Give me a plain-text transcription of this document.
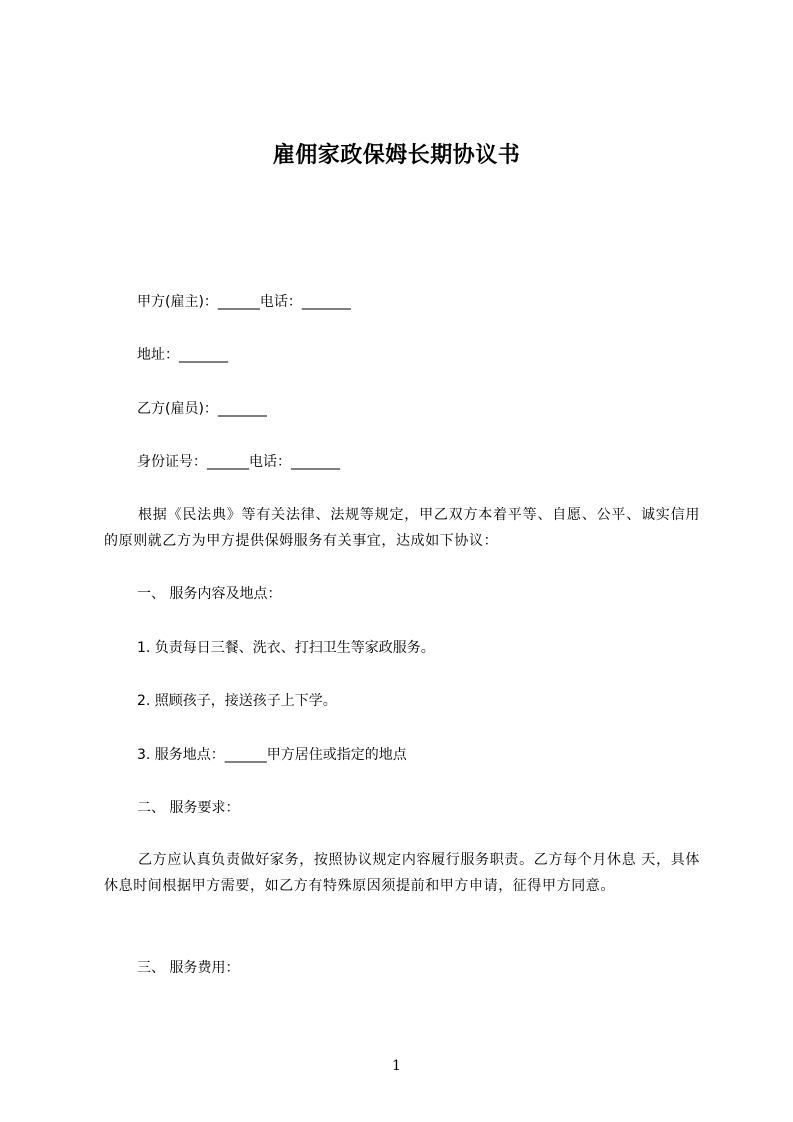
雇佣家政保姆长期协议书
甲方(雇主)：______电话：_______
地址：_______
乙方(雇员)：_______
身份证号：______电话：_______
根据《民法典》等有关法律、法规等规定，甲乙双方本着平等、自愿、公平、诚实信用的原则就乙方为甲方提供保姆服务有关事宜，达成如下协议：
一、 服务内容及地点：
1. 负责每日三餐、洗衣、打扫卫生等家政服务。
2. 照顾孩子，接送孩子上下学。
3. 服务地点：______甲方居住或指定的地点
二、 服务要求：
乙方应认真负责做好家务，按照协议规定内容履行服务职责。乙方每个月休息 天，具体休息时间根据甲方需要，如乙方有特殊原因须提前和甲方申请，征得甲方同意。
三、 服务费用：
1
